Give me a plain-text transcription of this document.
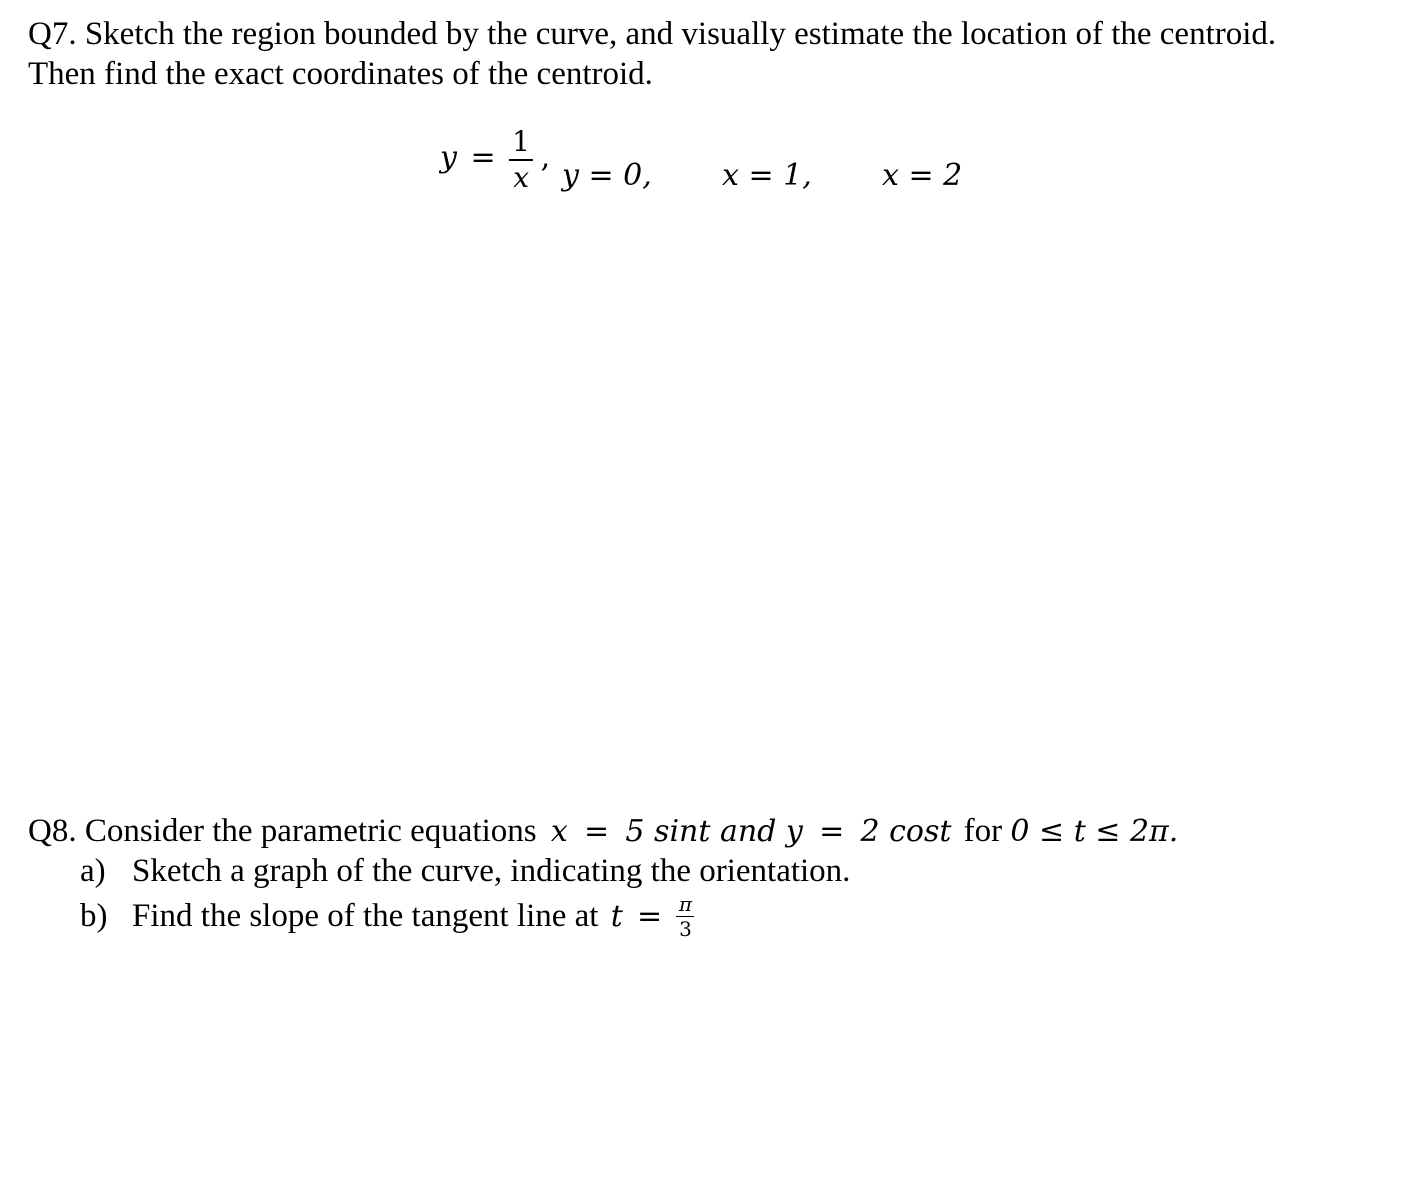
Q7. Sketch the region bounded by the curve, and visually estimate the location of the centroid.
Then find the exact coordinates of the centroid.
$y = \frac{1}{x}$ ,
y = 0, x = 1, x = 2
Q8. Consider the parametric equations x = 5 sint and y = 2 cost for 0 ≤ t ≤ 2π.
a) Sketch a graph of the curve, indicating the orientation.
b) Find the slope of the tangent line at $t = \frac{\pi}{3}$
